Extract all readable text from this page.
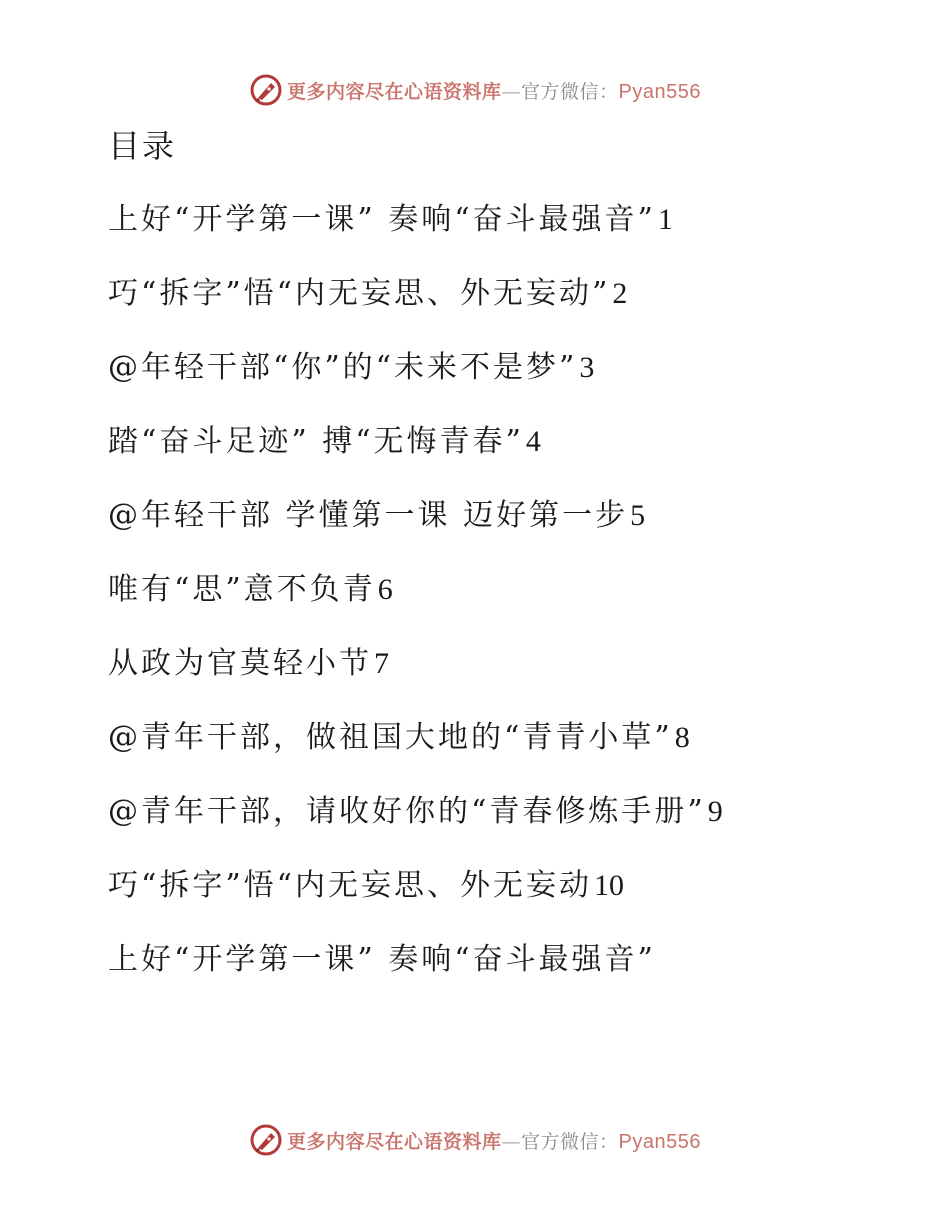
更多内容尽在心语资料库—官方微信：Pyan556
目录
上好“开学第一课” 奏响“奋斗最强音”1
巧“拆字”悟“内无妄思、外无妄动”2
@年轻干部“你”的“未来不是梦”3
踏“奋斗足迹” 搏“无悔青春”4
@年轻干部 学懂第一课 迈好第一步5
唯有“思”意不负青6
从政为官莫轻小节7
@青年干部，做祖国大地的“青青小草”8
@青年干部，请收好你的“青春修炼手册”9
巧“拆字”悟“内无妄思、外无妄动10
上好“开学第一课” 奏响“奋斗最强音”
更多内容尽在心语资料库—官方微信：Pyan556
